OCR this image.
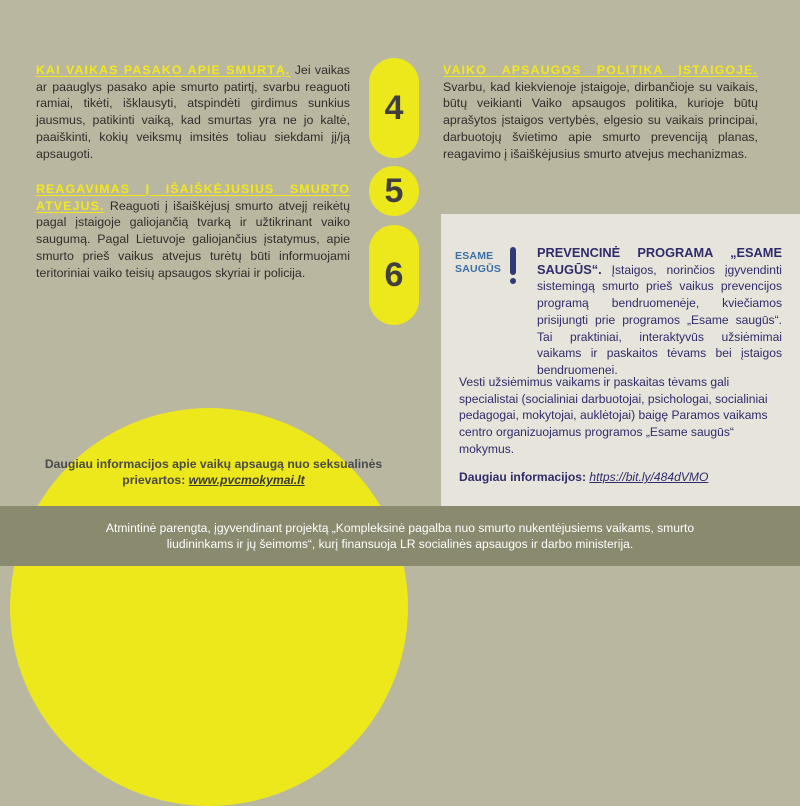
KAI VAIKAS PASAKO APIE SMURTĄ. Jei vaikas ar paauglys pasako apie smurto patirtį, svarbu reaguoti ramiai, tikėti, išklausyti, atspindėti girdimus sunkius jausmus, patikinti vaiką, kad smurtas yra ne jo kaltė, paaiškinti, kokių veiksmų imsitės toliau siekdami jį/ją apsaugoti.
REAGAVIMAS Į IŠAIŠKĖJUSIUS SMURTO ATVEJUS. Reaguoti į išaiškėjusį smurto atvejį reikėtų pagal įstaigoje galiojančią tvarką ir užtikrinant vaiko saugumą. Pagal Lietuvoje galiojančius įstatymus, apie smurto prieš vaikus atvejus turėtų būti informuojami teritoriniai vaiko teisių apsaugos skyriai ir policija.
VAIKO APSAUGOS POLITIKA ĮSTAIGOJE. Svarbu, kad kiekvienoje įstaigoje, dirbančioje su vaikais, būtų veikianti Vaiko apsaugos politika, kurioje būtų aprašytos įstaigos vertybės, elgesio su vaikais principai, darbuotojų švietimo apie smurto prevenciją planas, reagavimo į išaiškėjusius smurto atvejus mechanizmas.
4
5
6
Daugiau informacijos apie vaikų apsaugą nuo seksualinės prievartos: www.pvcmokymai.lt
ESAME
SAUGŪS
PREVENCINĖ PROGRAMA „ESAME SAUGŪS“. Įstaigos, norinčios įgyvendinti sistemingą smurto prieš vaikus prevencijos programą bendruomenėje, kviečiamos prisijungti prie programos „Esame saugūs“. Tai praktiniai, interaktyvūs užsiėmimai vaikams ir paskaitos tėvams bei įstaigos bendruomenei.
Vesti užsiėmimus vaikams ir paskaitas tėvams gali specialistai (socialiniai darbuotojai, psichologai, socialiniai pedagogai, mokytojai, auklėtojai) baigę Paramos vaikams centro organizuojamus programos „Esame saugūs“ mokymus.
Daugiau informacijos: https://bit.ly/484dVMO
Atmintinė parengta, įgyvendinant projektą „Kompleksinė pagalba nuo smurto nukentėjusiems vaikams, smurto liudininkams ir jų šeimoms“, kurį finansuoja LR socialinės apsaugos ir darbo ministerija.
